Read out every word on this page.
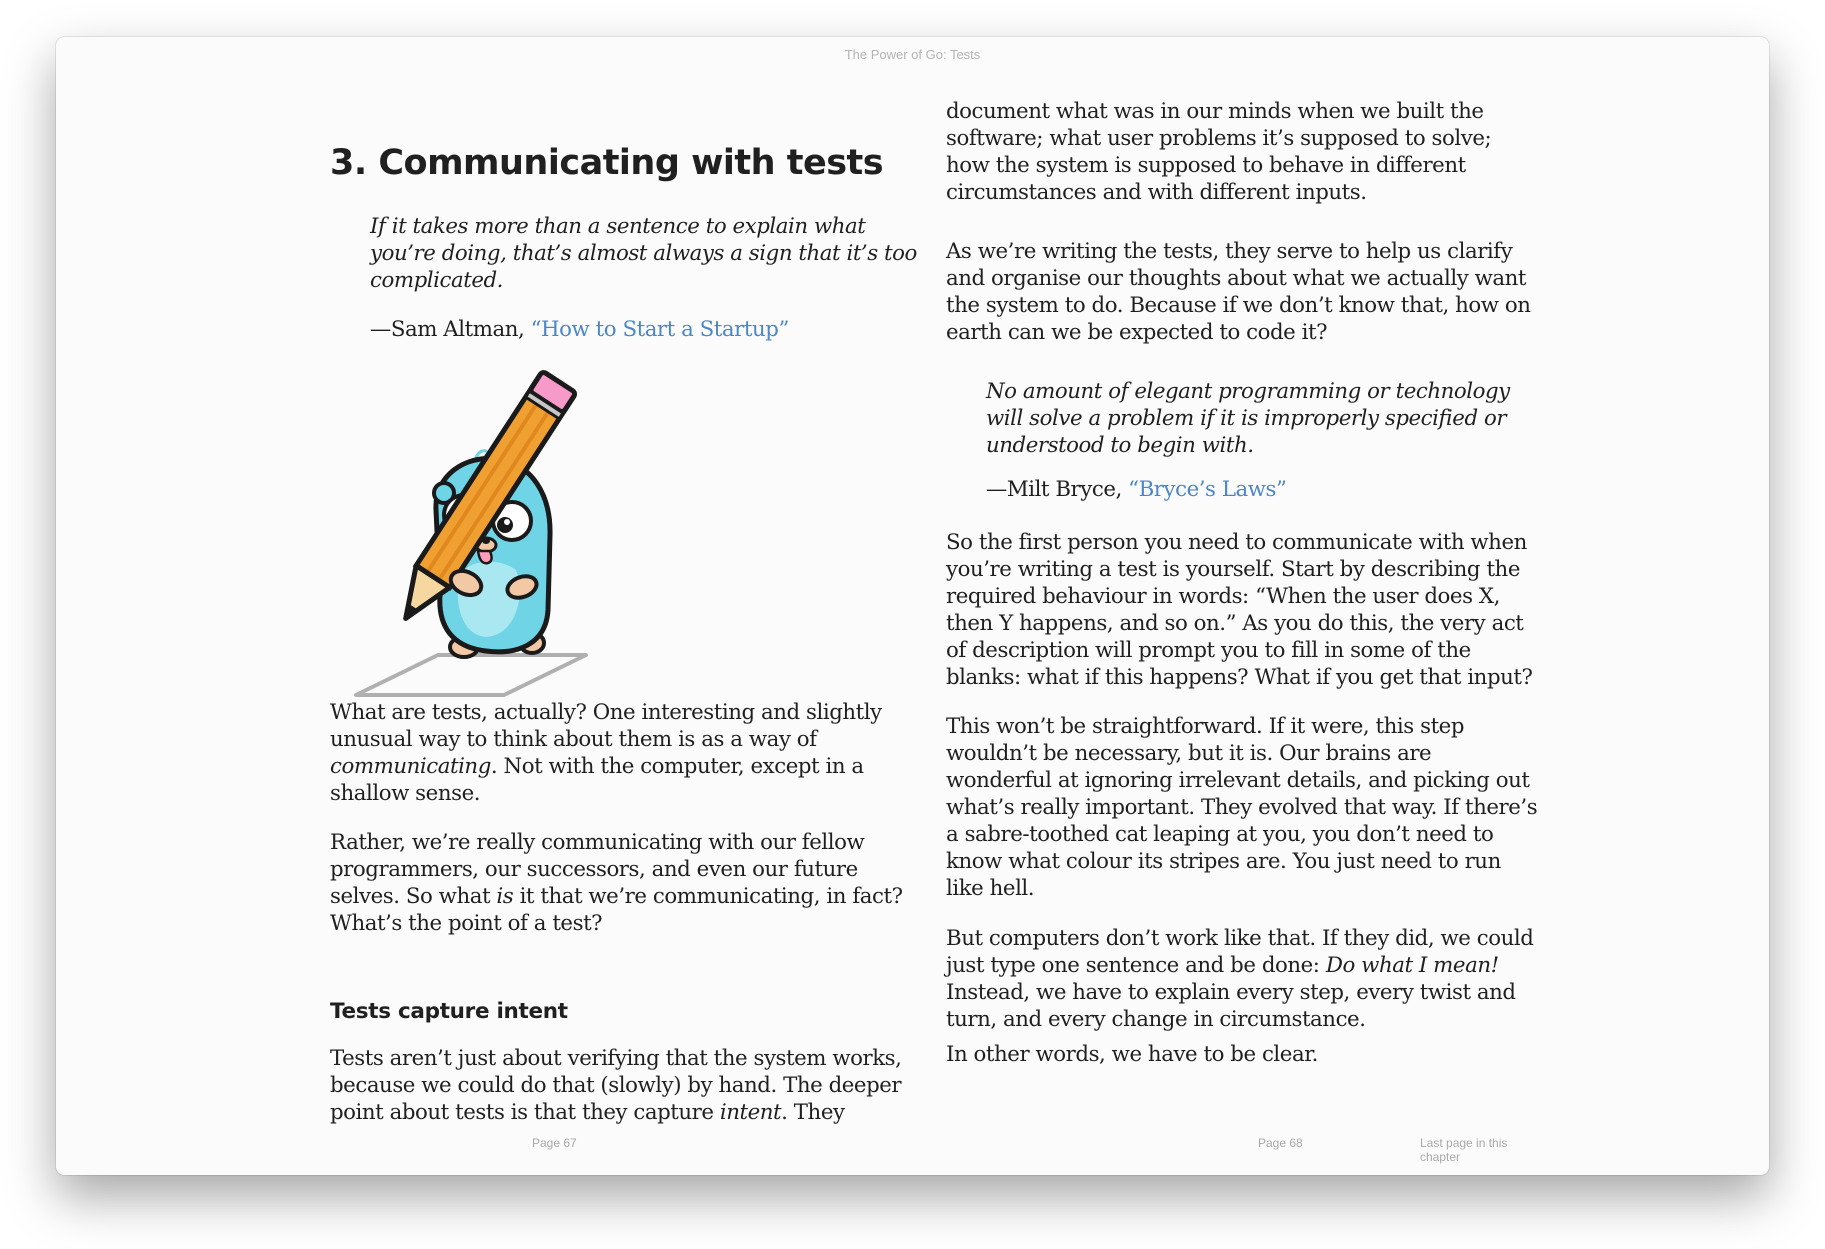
The Power of Go: Tests
3. Communicating with tests

If it takes more than a sentence to explain what you’re doing, that’s almost always a sign that it’s too complicated.

—Sam Altman, “How to Start a Startup”

What are tests, actually? One interesting and slightly unusual way to think about them is as a way of communicating. Not with the computer, except in a shallow sense.

Rather, we’re really communicating with our fellow programmers, our successors, and even our future selves. So what is it that we’re communicating, in fact? What’s the point of a test?

Tests capture intent

Tests aren’t just about verifying that the system works, because we could do that (slowly) by hand. The deeper point about tests is that they capture intent. They

Page 67

document what was in our minds when we built the software; what user problems it’s supposed to solve; how the system is supposed to behave in different circumstances and with different inputs.

As we’re writing the tests, they serve to help us clarify and organise our thoughts about what we actually want the system to do. Because if we don’t know that, how on earth can we be expected to code it?

No amount of elegant programming or technology will solve a problem if it is improperly specified or understood to begin with.

—Milt Bryce, “Bryce’s Laws”

So the first person you need to communicate with when you’re writing a test is yourself. Start by describing the required behaviour in words: “When the user does X, then Y happens, and so on.” As you do this, the very act of description will prompt you to fill in some of the blanks: what if this happens? What if you get that input?

This won’t be straightforward. If it were, this step wouldn’t be necessary, but it is. Our brains are wonderful at ignoring irrelevant details, and picking out what’s really important. They evolved that way. If there’s a sabre-toothed cat leaping at you, you don’t need to know what colour its stripes are. You just need to run like hell.

But computers don’t work like that. If they did, we could just type one sentence and be done: Do what I mean! Instead, we have to explain every step, every twist and turn, and every change in circumstance.

In other words, we have to be clear.

Page 68	Last page in this chapter
